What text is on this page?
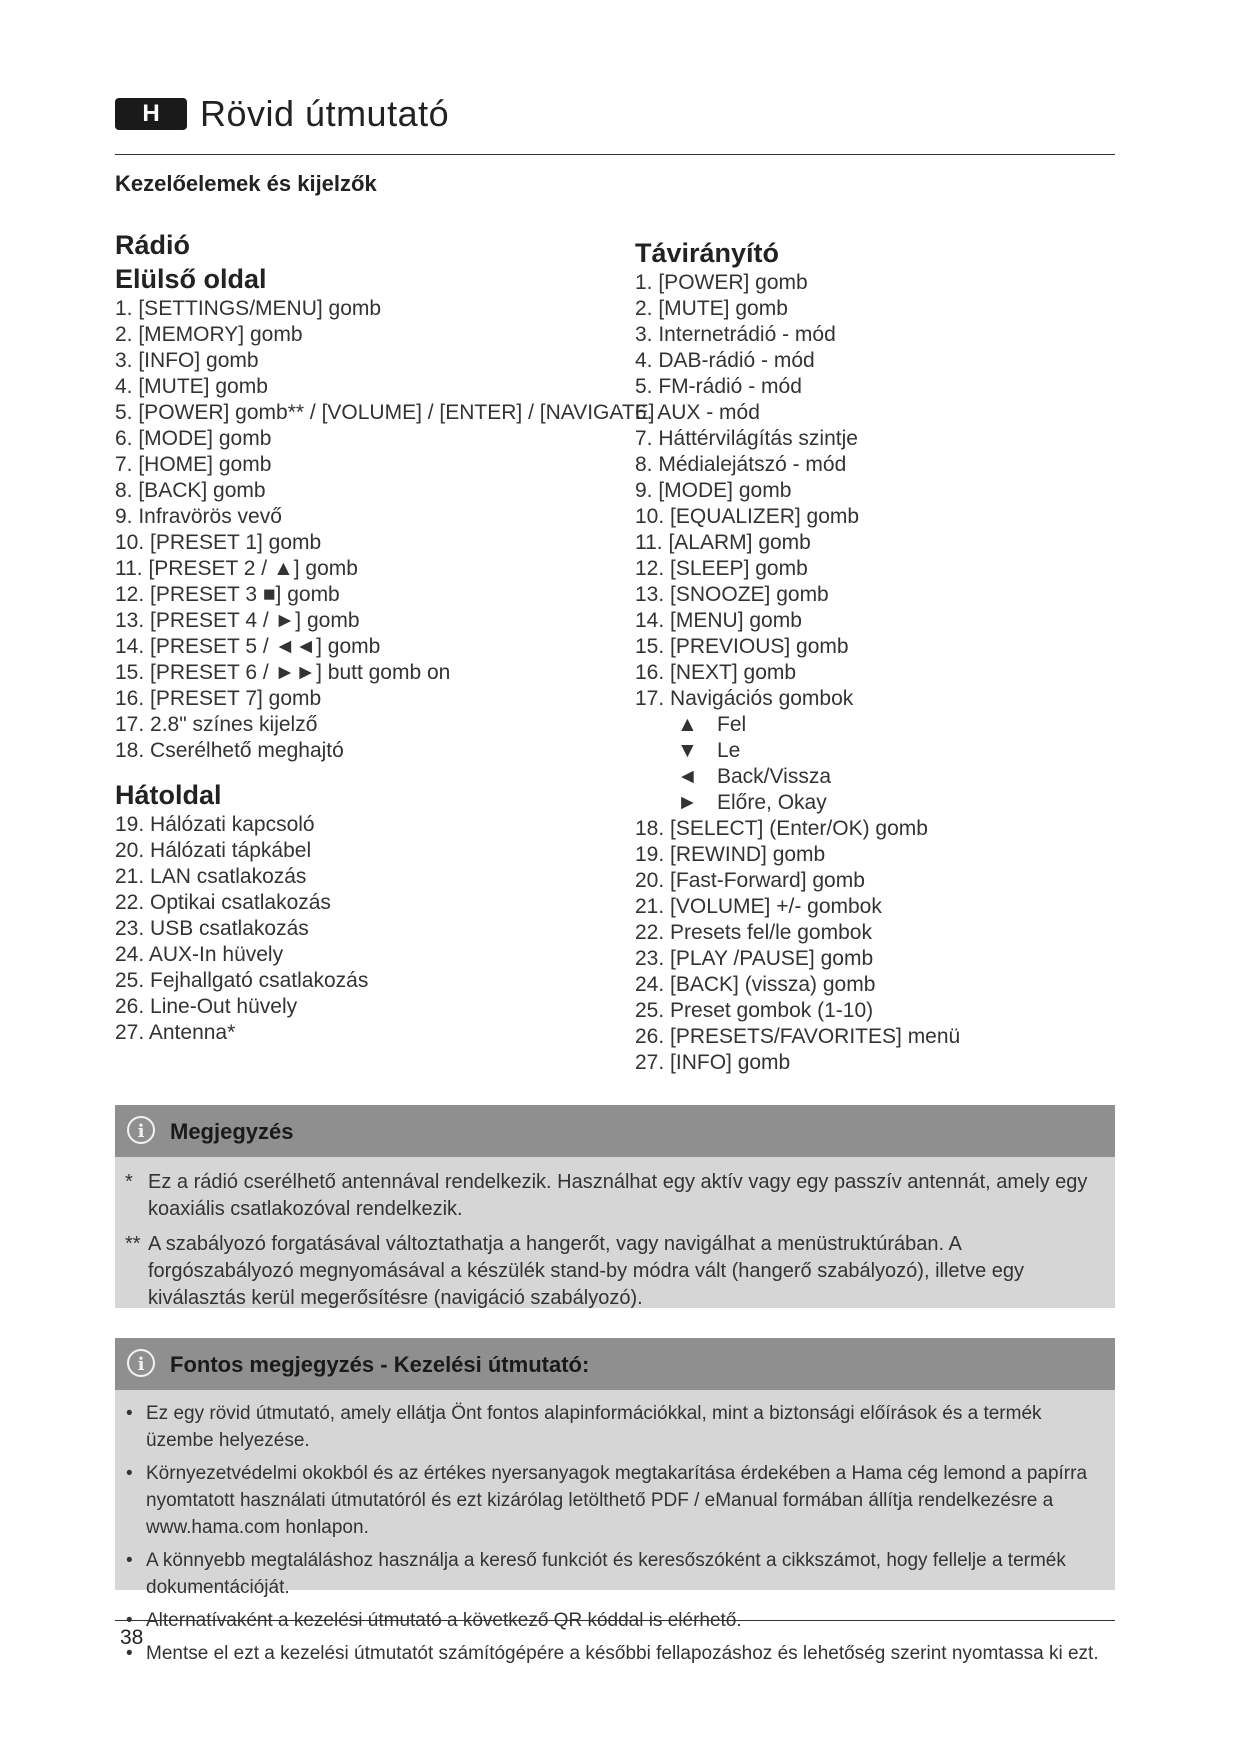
H	Rövid útmutató
Kezelőelemek és kijelzők
Rádió
Elülső oldal
1. [SETTINGS/MENU] gomb
2. [MEMORY] gomb
3. [INFO] gomb
4. [MUTE] gomb
5. [POWER] gomb** / [VOLUME] / [ENTER] / [NAVIGATE]
6. [MODE] gomb
7. [HOME] gomb
8. [BACK] gomb
9. Infravörös vevő
10. [PRESET 1] gomb
11. [PRESET 2 / ▲] gomb
12. [PRESET 3 ■] gomb
13. [PRESET 4 / ►] gomb
14. [PRESET 5 / ◄◄] gomb
15. [PRESET 6 / ►►] butt gomb on
16. [PRESET 7] gomb
17. 2.8" színes kijelző
18. Cserélhető meghajtó
Hátoldal
19. Hálózati kapcsoló
20. Hálózati tápkábel
21. LAN csatlakozás
22. Optikai csatlakozás
23. USB csatlakozás
24. AUX-In hüvely
25. Fejhallgató csatlakozás
26. Line-Out hüvely
27. Antenna*
Távirányító
1. [POWER] gomb
2. [MUTE] gomb
3. Internetrádió - mód
4. DAB-rádió - mód
5. FM-rádió - mód
6. AUX - mód
7. Háttérvilágítás szintje
8. Médialejátszó - mód
9. [MODE] gomb
10. [EQUALIZER] gomb
11. [ALARM] gomb
12. [SLEEP] gomb
13. [SNOOZE] gomb
14. [MENU] gomb
15. [PREVIOUS] gomb
16. [NEXT] gomb
17. Navigációs gombok
▲ Fel
▼ Le
◄ Back/Vissza
► Előre, Okay
18. [SELECT] (Enter/OK) gomb
19. [REWIND] gomb
20. [Fast-Forward] gomb
21. [VOLUME] +/- gombok
22. Presets fel/le gombok
23. [PLAY /PAUSE] gomb
24. [BACK] (vissza) gomb
25. Preset gombok (1-10)
26. [PRESETS/FAVORITES] menü
27. [INFO] gomb
i	Megjegyzés
* Ez a rádió cserélhető antennával rendelkezik. Használhat egy aktív vagy egy passzív antennát, amely egy koaxiális csatlakozóval rendelkezik.
** A szabályozó forgatásával változtathatja a hangerőt, vagy navigálhat a menüstruktúrában. A forgószabályozó megnyomásával a készülék stand-by módra vált (hangerő szabályozó), illetve egy kiválasztás kerül megerősítésre (navigáció szabályozó).
i	Fontos megjegyzés - Kezelési útmutató:
• Ez egy rövid útmutató, amely ellátja Önt fontos alapinformációkkal, mint a biztonsági előírások és a termék üzembe helyezése.
• Környezetvédelmi okokból és az értékes nyersanyagok megtakarítása érdekében a Hama cég lemond a papírra nyomtatott használati útmutatóról és ezt kizárólag letölthető PDF / eManual formában állítja rendelkezésre a www.hama.com honlapon.
• A könnyebb megtaláláshoz használja a kereső funkciót és keresőszóként a cikkszámot, hogy fellelje a termék dokumentációját.
• Alternatívaként a kezelési útmutató a következő QR kóddal is elérhető.
• Mentse el ezt a kezelési útmutatót számítógépére a későbbi fellapozáshoz és lehetőség szerint nyomtassa ki ezt.
38
